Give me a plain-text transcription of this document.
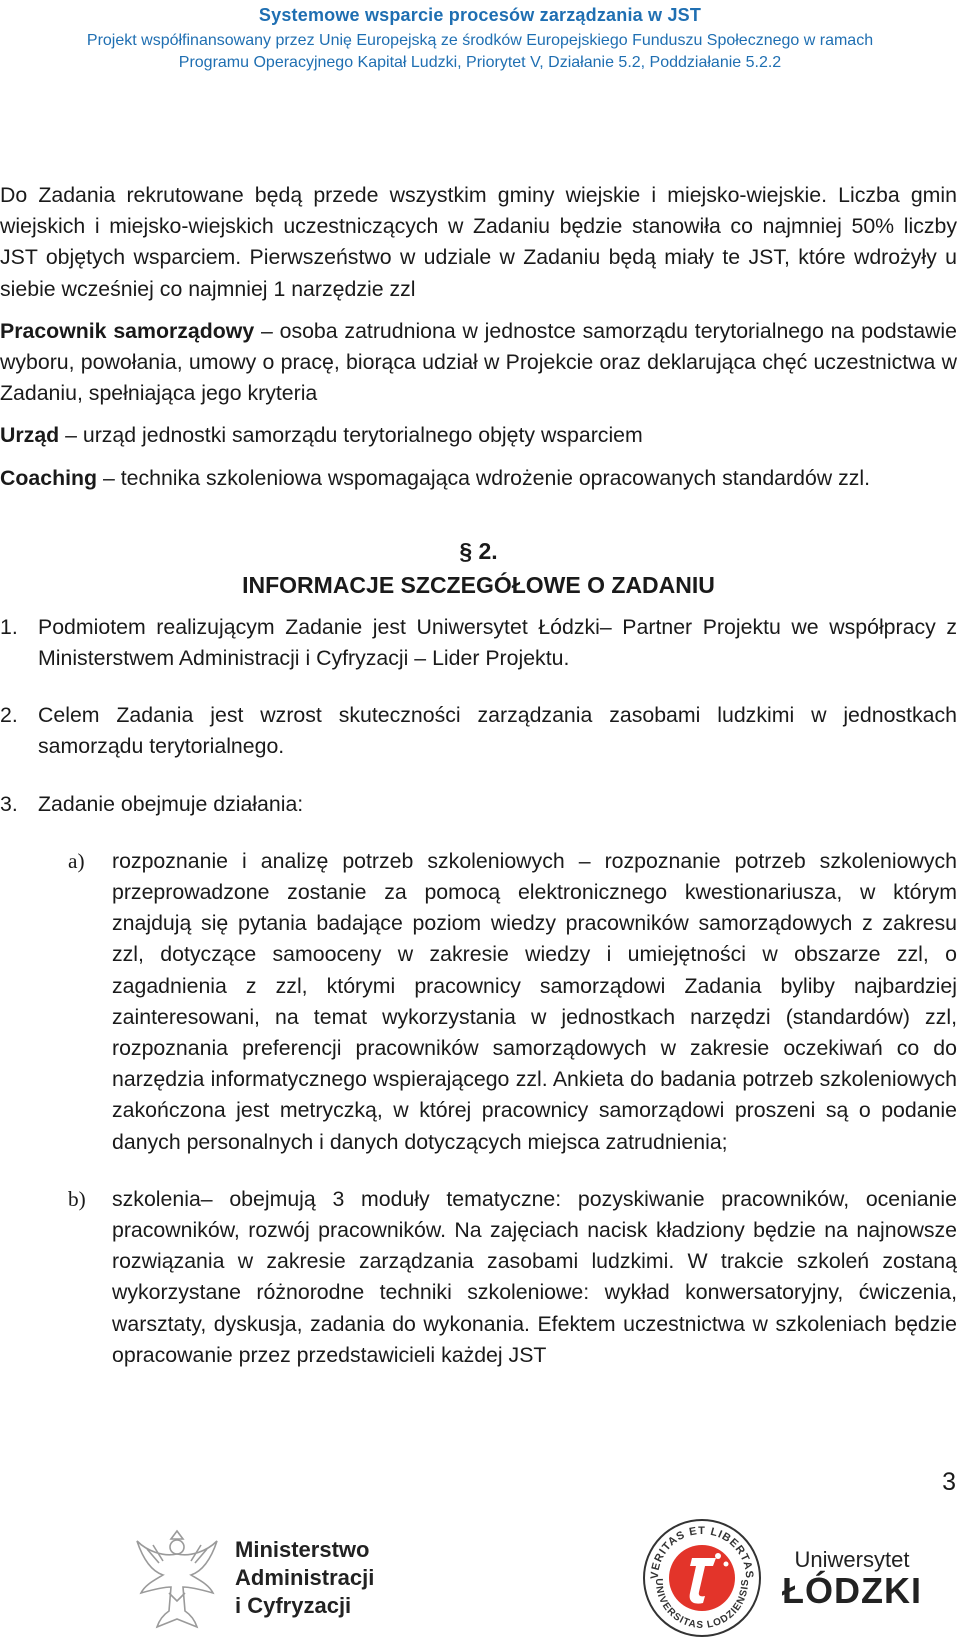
Systemowe wsparcie procesów zarządzania w JST
Projekt współfinansowany przez Unię Europejską ze środków Europejskiego Funduszu Społecznego w ramach
Programu Operacyjnego Kapitał Ludzki, Priorytet V, Działanie 5.2, Poddziałanie 5.2.2

Do Zadania rekrutowane będą przede wszystkim gminy wiejskie i miejsko-wiejskie. Liczba gmin wiejskich i miejsko-wiejskich uczestniczących w Zadaniu będzie stanowiła co najmniej 50% liczby JST objętych wsparciem. Pierwszeństwo w udziale w Zadaniu będą miały te JST, które wdrożyły u siebie wcześniej co najmniej 1 narzędzie zzl

Pracownik samorządowy – osoba zatrudniona w jednostce samorządu terytorialnego na podstawie wyboru, powołania, umowy o pracę, biorąca udział w Projekcie oraz deklarująca chęć uczestnictwa w Zadaniu, spełniająca jego kryteria

Urząd – urząd jednostki samorządu terytorialnego objęty wsparciem

Coaching – technika szkoleniowa wspomagająca wdrożenie opracowanych standardów zzl.

§ 2.
INFORMACJE SZCZEGÓŁOWE O ZADANIU
1. Podmiotem realizującym Zadanie jest Uniwersytet Łódzki– Partner Projektu we współpracy z Ministerstwem Administracji i Cyfryzacji – Lider Projektu.
2. Celem Zadania jest wzrost skuteczności zarządzania zasobami ludzkimi w jednostkach samorządu terytorialnego.
3. Zadanie obejmuje działania:
a)	rozpoznanie i analizę potrzeb szkoleniowych – rozpoznanie potrzeb szkoleniowych przeprowadzone zostanie za pomocą elektronicznego kwestionariusza, w którym znajdują się pytania badające poziom wiedzy pracowników samorządowych z zakresu zzl, dotyczące samooceny w zakresie wiedzy i umiejętności w obszarze zzl, o zagadnienia z zzl, którymi pracownicy samorządowi Zadania byliby najbardziej zainteresowani, na temat wykorzystania w jednostkach narzędzi (standardów) zzl, rozpoznania preferencji pracowników samorządowych w zakresie oczekiwań co do narzędzia informatycznego wspierającego zzl. Ankieta do badania potrzeb szkoleniowych zakończona jest metryczką, w której pracownicy samorządowi proszeni są o podanie danych personalnych i danych dotyczących miejsca zatrudnienia;
b)	szkolenia– obejmują 3 moduły tematyczne: pozyskiwanie pracowników, ocenianie pracowników, rozwój pracowników. Na zajęciach nacisk kładziony będzie na najnowsze rozwiązania w zakresie zarządzania zasobami ludzkimi. W trakcie szkoleń zostaną wykorzystane różnorodne techniki szkoleniowe: wykład konwersatoryjny, ćwiczenia, warsztaty, dyskusja, zadania do wykonania. Efektem uczestnictwa w szkoleniach będzie opracowanie przez przedstawicieli każdej JST
3
Ministerstwo
Administracji
i Cyfryzacji
VERITAS ET LIBERTAS
UNIVERSITAS LODZIENSIS
Uniwersytet
ŁÓDZKI
